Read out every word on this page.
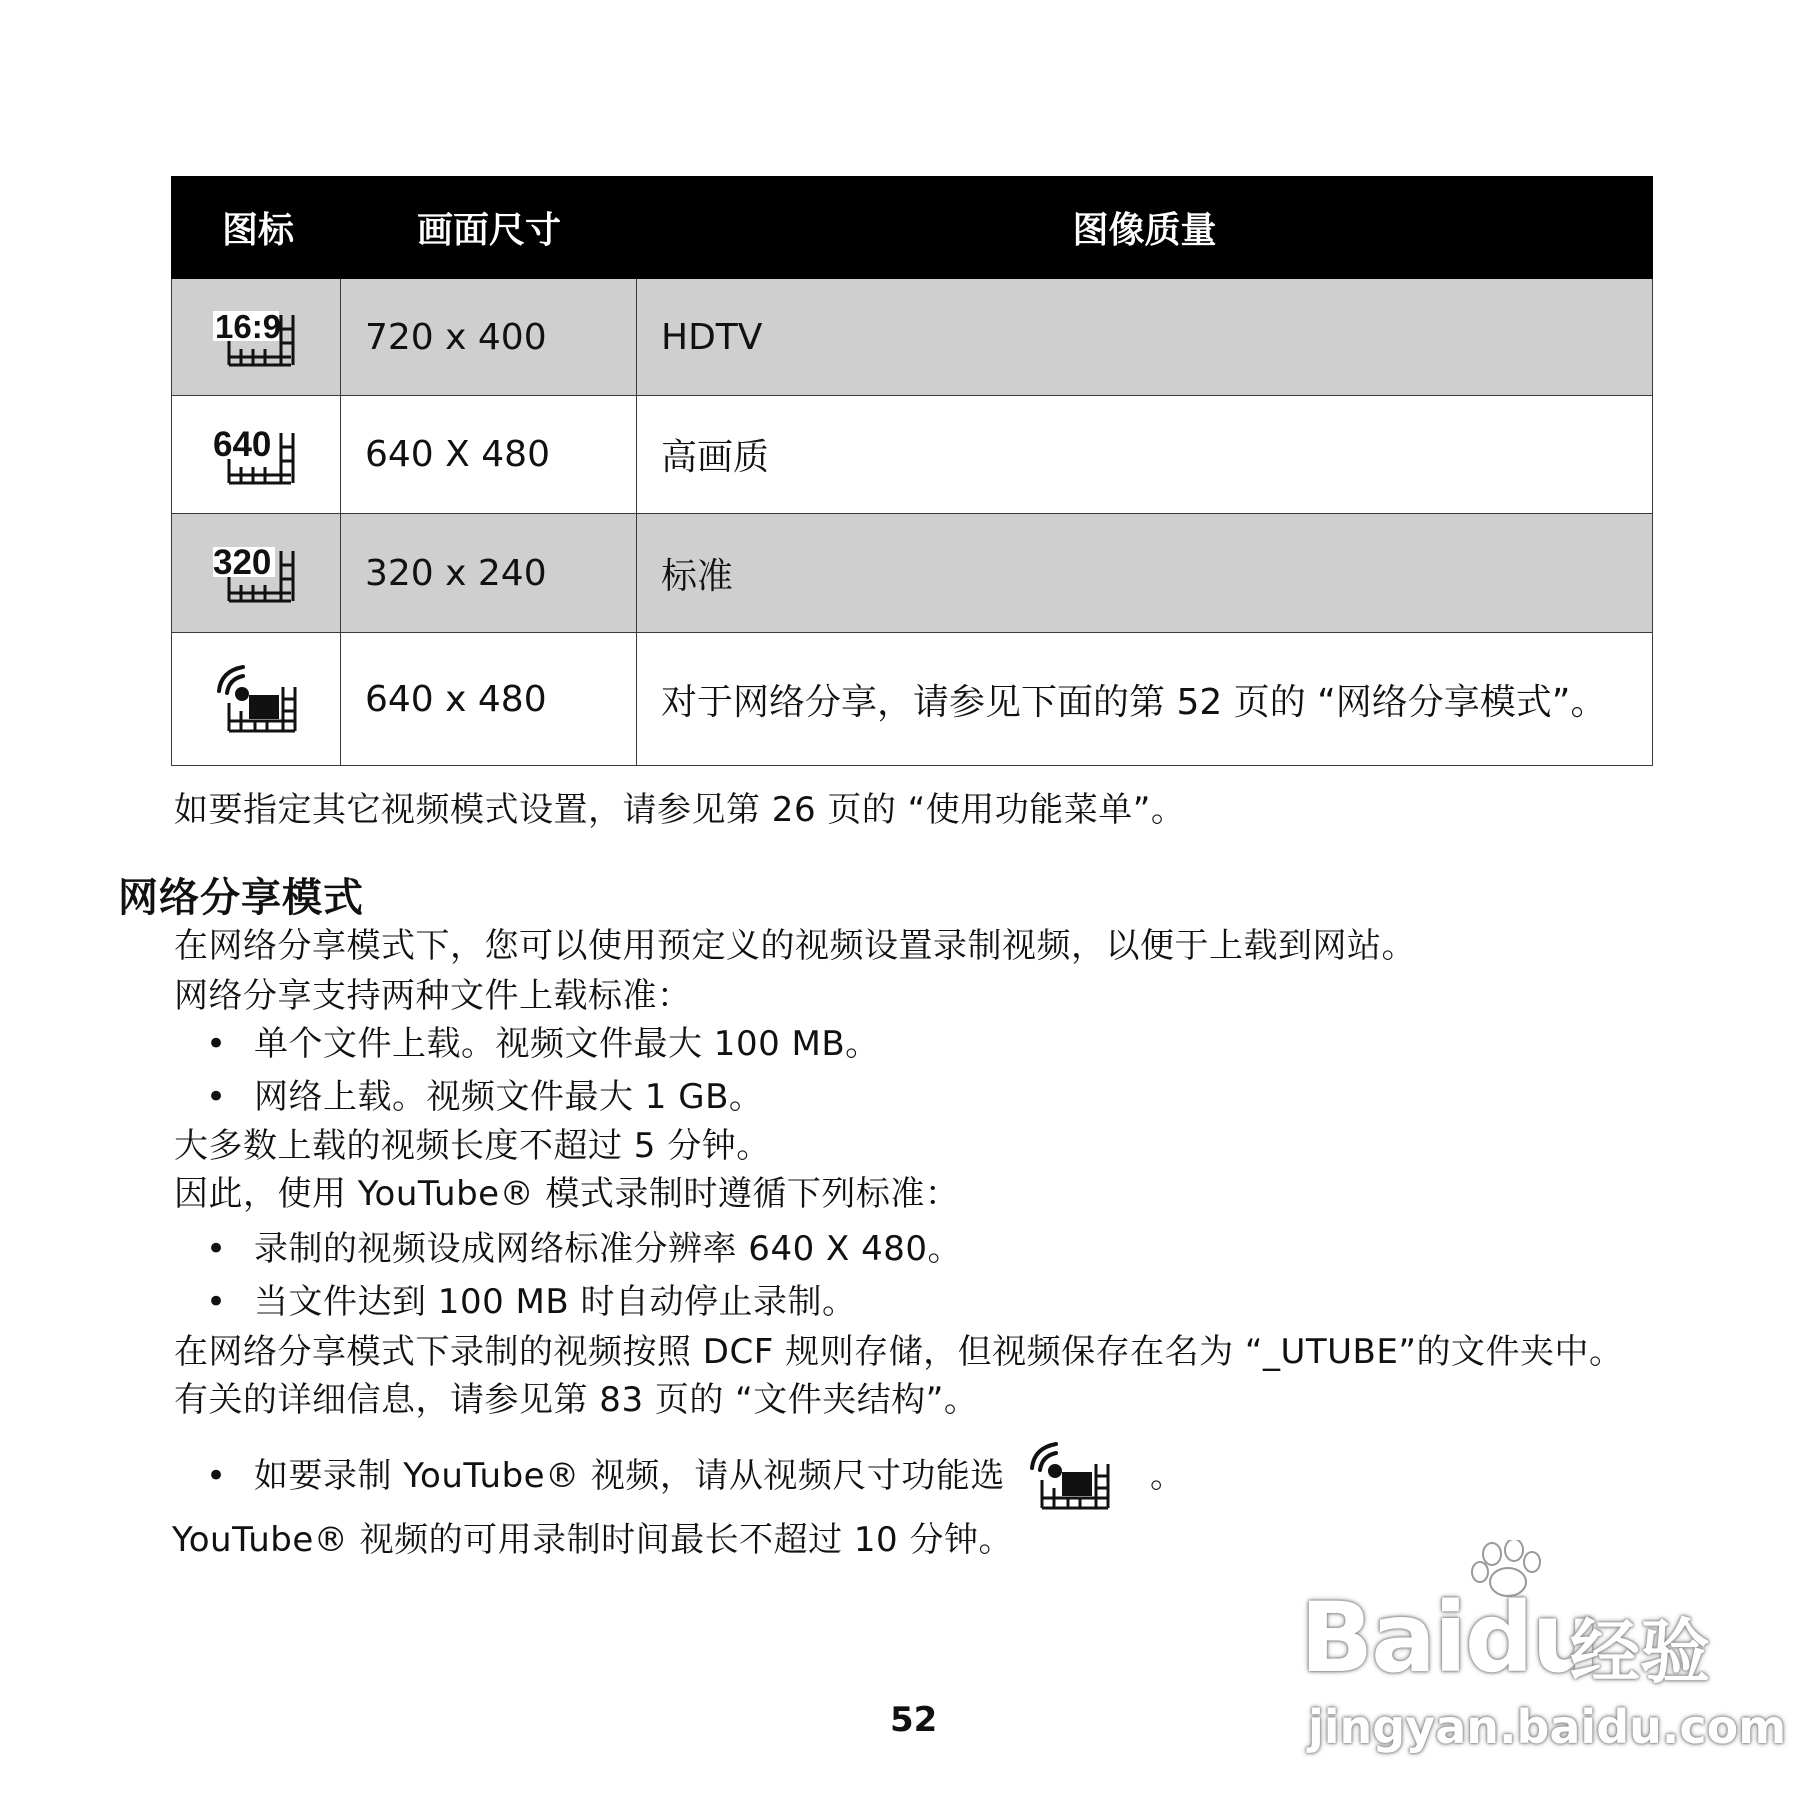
图标	画面尺寸	图像质量

16:9	720 x 400	HDTV

640	640 X 480	高画质

320	320 x 240	标准

	640 x 480	对于网络分享，请参见下面的第 52 页的 “网络分享模式”。
如要指定其它视频模式设置，请参见第 26 页的 “使用功能菜单”。
网络分享模式
在网络分享模式下，您可以使用预定义的视频设置录制视频，以便于上载到网站。
网络分享支持两种文件上载标准：
• 单个文件上载。视频文件最大 100 MB。
• 网络上载。视频文件最大 1 GB。
大多数上载的视频长度不超过 5 分钟。
因此，使用 YouTube® 模式录制时遵循下列标准：
• 录制的视频设成网络标准分辨率 640 X 480。
• 当文件达到 100 MB 时自动停止录制。
在网络分享模式下录制的视频按照 DCF 规则存储，但视频保存在名为 “_UTUBE”的文件夹中。
有关的详细信息，请参见第 83 页的 “文件夹结构”。
• 如要录制 YouTube® 视频，请从视频尺寸功能选	。
YouTube® 视频的可用录制时间最长不超过 10 分钟。
52
Baidu
经验
jingyan.baidu.com
